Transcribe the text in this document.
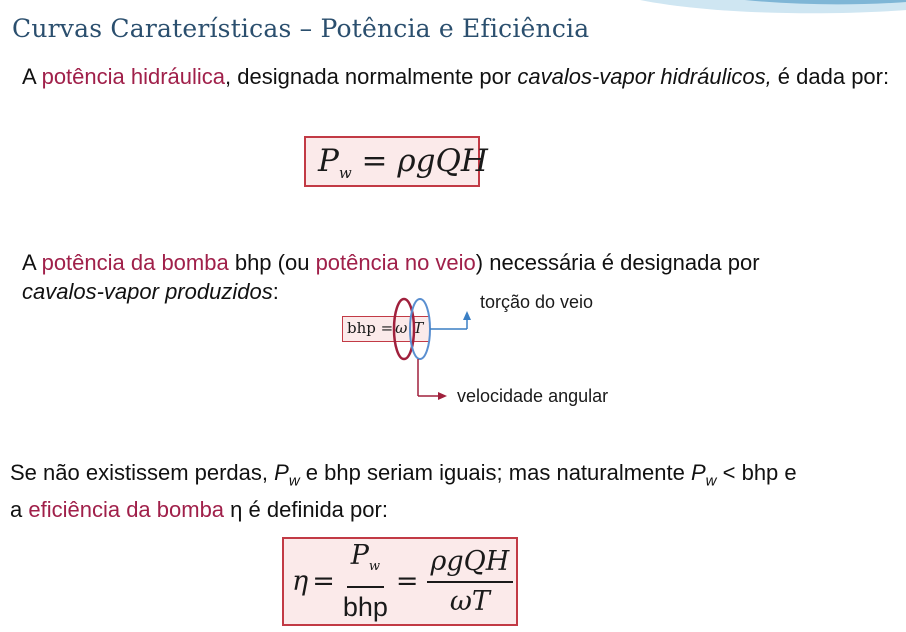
Curvas Caraterísticas – Potência e Eficiência
A potência hidráulica, designada normalmente por cavalos-vapor hidráulicos, é dada por:
$P_w = \rho gQH$
A potência da bomba bhp (ou potência no veio) necessária é designada por
cavalos-vapor produzidos:
bhp = ω T
torção do veio
velocidade angular
Se não existissem perdas, $P_w$ e bhp seriam iguais; mas naturalmente $P_w$ < bhp e
a eficiência da bomba η é definida por:
$\eta = \frac{P_w}{\text{bhp}} = \frac{\text{ρgQH}}{\omega T}$
